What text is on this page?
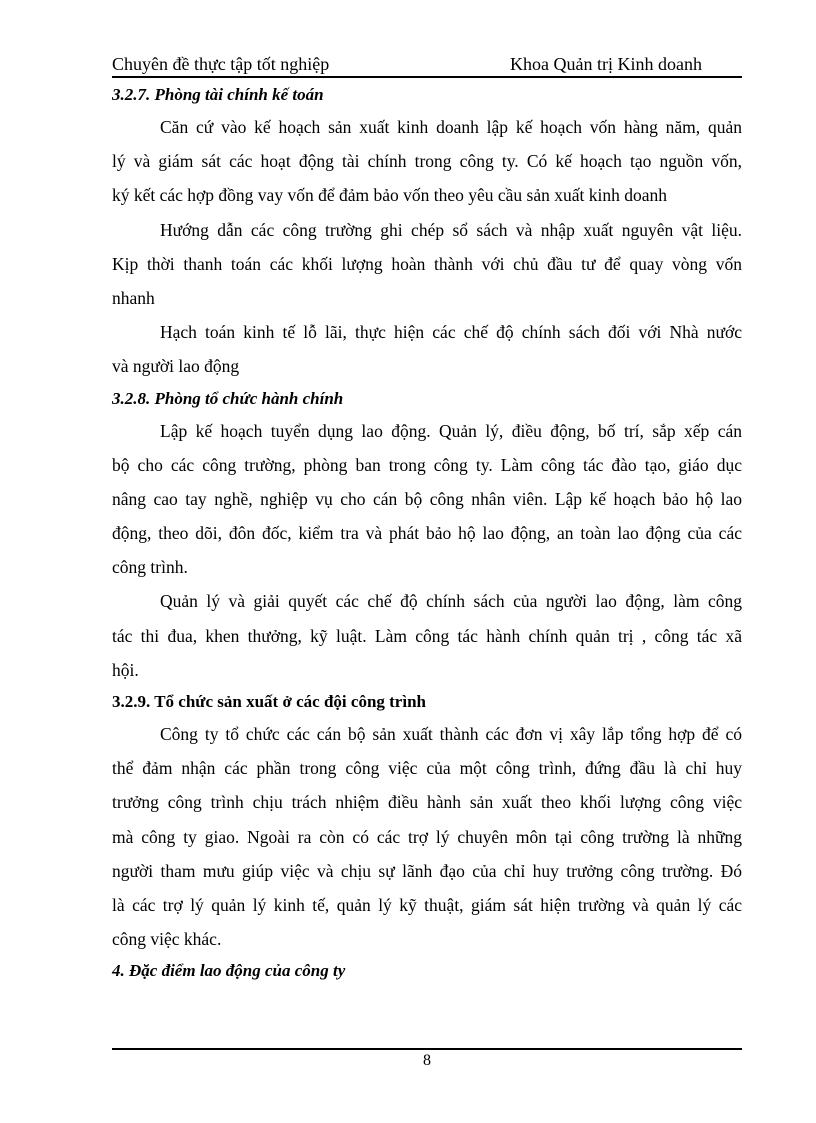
Chuyên đề thực tập tốt nghiệp	Khoa Quản trị Kinh doanh
3.2.7. Phòng tài chính kế toán
Căn cứ vào kế hoạch sản xuất kinh doanh lập kế hoạch vốn hàng năm, quản
lý và giám sát các hoạt động tài chính trong công ty. Có kế hoạch tạo nguồn vốn,
ký kết các hợp đồng vay vốn để đảm bảo vốn theo yêu cầu sản xuất kinh doanh
Hướng dẫn các công trường ghi chép sổ sách và nhập xuất nguyên vật liệu.
Kịp thời thanh toán các khối lượng hoàn thành với chủ đầu tư để quay vòng vốn
nhanh
Hạch toán kinh tế lỗ lãi, thực hiện các chế độ chính sách đối với Nhà nước
và người lao động
3.2.8. Phòng tổ chức hành chính
Lập kế hoạch tuyển dụng lao động. Quản lý, điều động, bố trí, sắp xếp cán
bộ cho các công trường, phòng ban trong công ty. Làm công tác đào tạo, giáo dục
nâng cao tay nghề, nghiệp vụ cho cán bộ công nhân viên. Lập kế hoạch bảo hộ lao
động, theo dõi, đôn đốc, kiểm tra và phát bảo hộ lao động, an toàn lao động của các
công trình.
Quản lý và giải quyết các chế độ chính sách của người lao động, làm công
tác thi đua, khen thưởng, kỹ luật. Làm công tác hành chính quản trị , công tác xã
hội.
3.2.9. Tổ chức sản xuất ở các đội công trình
Công ty tổ chức các cán bộ sản xuất thành các đơn vị xây lắp tổng hợp để có
thể đảm nhận các phần trong công việc của một công trình, đứng đầu là chỉ huy
trưởng công trình chịu trách nhiệm điều hành sản xuất theo khối lượng công việc
mà công ty giao. Ngoài ra còn có các trợ lý chuyên môn tại công trường là những
người tham mưu giúp việc và chịu sự lãnh đạo của chỉ huy trưởng công trường. Đó
là các trợ lý quản lý kinh tế, quản lý kỹ thuật, giám sát hiện trường và quản lý các
công việc khác.
4. Đặc điểm lao động của công ty
8
